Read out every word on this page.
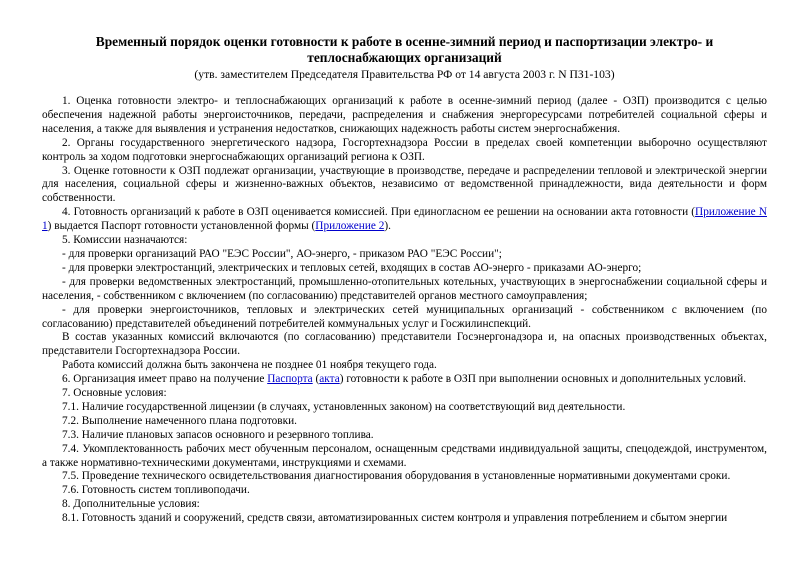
Временный порядок оценки готовности к работе в осенне-зимний период и паспортизации электро- и теплоснабжающих организаций
(утв. заместителем Председателя Правительства РФ от 14 августа 2003 г. N ПЗ1-103)

1. Оценка готовности электро- и теплоснабжающих организаций к работе в осенне-зимний период (далее - ОЗП) производится с целью обеспечения надежной работы энергоисточников, передачи, распределения и снабжения энергоресурсами потребителей социальной сферы и населения, а также для выявления и устранения недостатков, снижающих надежность работы систем энергоснабжения.

2. Органы государственного энергетического надзора, Госгортехнадзора России в пределах своей компетенции выборочно осуществляют контроль за ходом подготовки энергоснабжающих организаций региона к ОЗП.

3. Оценке готовности к ОЗП подлежат организации, участвующие в производстве, передаче и распределении тепловой и электрической энергии для населения, социальной сферы и жизненно-важных объектов, независимо от ведомственной принадлежности, вида деятельности и форм собственности.

4. Готовность организаций к работе в ОЗП оценивается комиссией. При единогласном ее решении на основании акта готовности (Приложение N 1) выдается Паспорт готовности установленной формы (Приложение 2).

5. Комиссии назначаются:

- для проверки организаций РАО "ЕЭС России", АО-энерго, - приказом РАО "ЕЭС России";

- для проверки электростанций, электрических и тепловых сетей, входящих в состав АО-энерго - приказами АО-энерго;

- для проверки ведомственных электростанций, промышленно-отопительных котельных, участвующих в энергоснабжении социальной сферы и населения, - собственником с включением (по согласованию) представителей органов местного самоуправления;

- для проверки энергоисточников, тепловых и электрических сетей муниципальных организаций - собственником с включением (по согласованию) представителей объединений потребителей коммунальных услуг и Госжилинспекций.

В состав указанных комиссий включаются (по согласованию) представители Госэнергонадзора и, на опасных производственных объектах, представители Госгортехнадзора России.

Работа комиссий должна быть закончена не позднее 01 ноября текущего года.

6. Организация имеет право на получение Паспорта (акта) готовности к работе в ОЗП при выполнении основных и дополнительных условий.

7. Основные условия:

7.1. Наличие государственной лицензии (в случаях, установленных законом) на соответствующий вид деятельности.

7.2. Выполнение намеченного плана подготовки.

7.3. Наличие плановых запасов основного и резервного топлива.

7.4. Укомплектованность рабочих мест обученным персоналом, оснащенным средствами индивидуальной защиты, спецодеждой, инструментом, а также нормативно-техническими документами, инструкциями и схемами.

7.5. Проведение технического освидетельствования диагностирования оборудования в установленные нормативными документами сроки.

7.6. Готовность систем топливоподачи.

8. Дополнительные условия:

8.1. Готовность зданий и сооружений, средств связи, автоматизированных систем контроля и управления потреблением и сбытом энергии
